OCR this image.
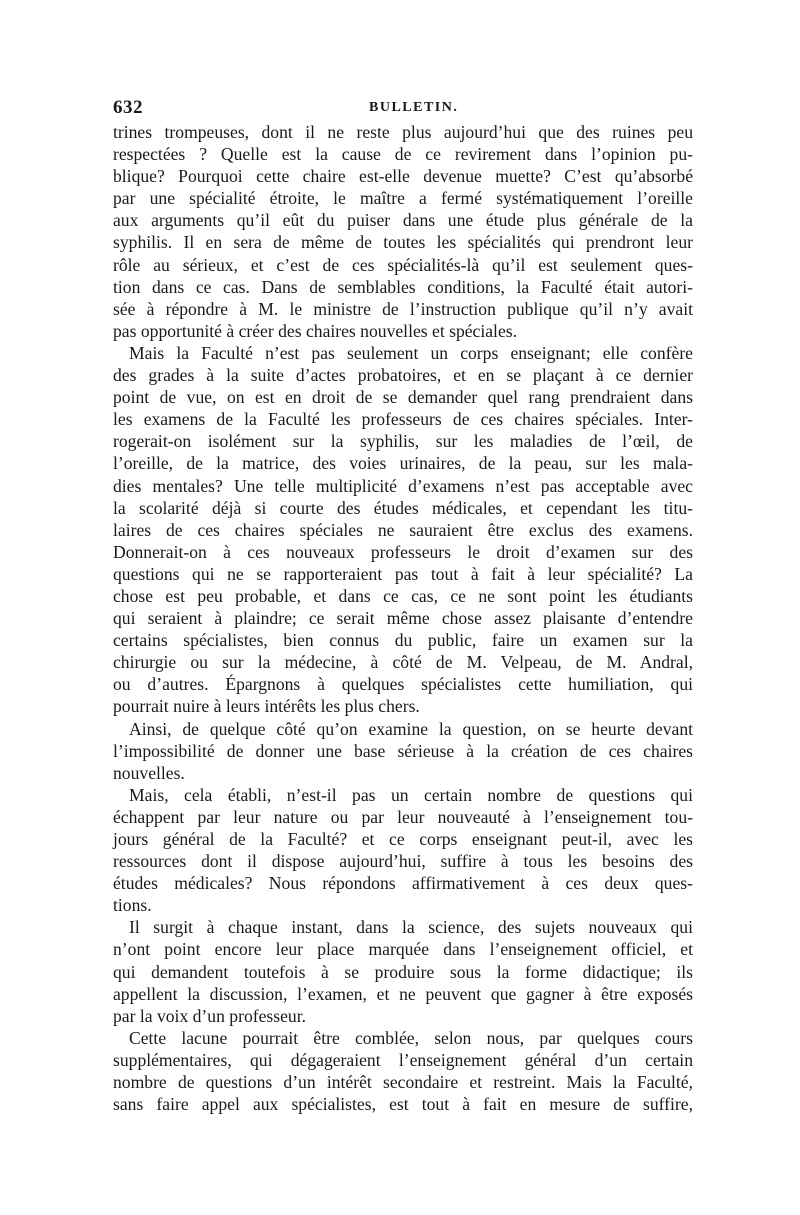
632	BULLETIN.
trines trompeuses, dont il ne reste plus aujourd’hui que des ruines peu
respectées ? Quelle est la cause de ce revirement dans l’opinion pu-
blique? Pourquoi cette chaire est-elle devenue muette? C’est qu’absorbé
par une spécialité étroite, le maître a fermé systématiquement l’oreille
aux arguments qu’il eût du puiser dans une étude plus générale de la
syphilis. Il en sera de même de toutes les spécialités qui prendront leur
rôle au sérieux, et c’est de ces spécialités-là qu’il est seulement ques-
tion dans ce cas. Dans de semblables conditions, la Faculté était autori-
sée à répondre à M. le ministre de l’instruction publique qu’il n’y avait
pas opportunité à créer des chaires nouvelles et spéciales.
Mais la Faculté n’est pas seulement un corps enseignant; elle confère
des grades à la suite d’actes probatoires, et en se plaçant à ce dernier
point de vue, on est en droit de se demander quel rang prendraient dans
les examens de la Faculté les professeurs de ces chaires spéciales. Inter-
rogerait-on isolément sur la syphilis, sur les maladies de l’œil, de
l’oreille, de la matrice, des voies urinaires, de la peau, sur les mala-
dies mentales? Une telle multiplicité d’examens n’est pas acceptable avec
la scolarité déjà si courte des études médicales, et cependant les titu-
laires de ces chaires spéciales ne sauraient être exclus des examens.
Donnerait-on à ces nouveaux professeurs le droit d’examen sur des
questions qui ne se rapporteraient pas tout à fait à leur spécialité? La
chose est peu probable, et dans ce cas, ce ne sont point les étudiants
qui seraient à plaindre; ce serait même chose assez plaisante d’entendre
certains spécialistes, bien connus du public, faire un examen sur la
chirurgie ou sur la médecine, à côté de M. Velpeau, de M. Andral,
ou d’autres. Épargnons à quelques spécialistes cette humiliation, qui
pourrait nuire à leurs intérêts les plus chers.
Ainsi, de quelque côté qu’on examine la question, on se heurte devant
l’impossibilité de donner une base sérieuse à la création de ces chaires
nouvelles.
Mais, cela établi, n’est-il pas un certain nombre de questions qui
échappent par leur nature ou par leur nouveauté à l’enseignement tou-
jours général de la Faculté? et ce corps enseignant peut-il, avec les
ressources dont il dispose aujourd’hui, suffire à tous les besoins des
études médicales? Nous répondons affirmativement à ces deux ques-
tions.
Il surgit à chaque instant, dans la science, des sujets nouveaux qui
n’ont point encore leur place marquée dans l’enseignement officiel, et
qui demandent toutefois à se produire sous la forme didactique; ils
appellent la discussion, l’examen, et ne peuvent que gagner à être exposés
par la voix d’un professeur.
Cette lacune pourrait être comblée, selon nous, par quelques cours
supplémentaires, qui dégageraient l’enseignement général d’un certain
nombre de questions d’un intérêt secondaire et restreint. Mais la Faculté,
sans faire appel aux spécialistes, est tout à fait en mesure de suffire,
